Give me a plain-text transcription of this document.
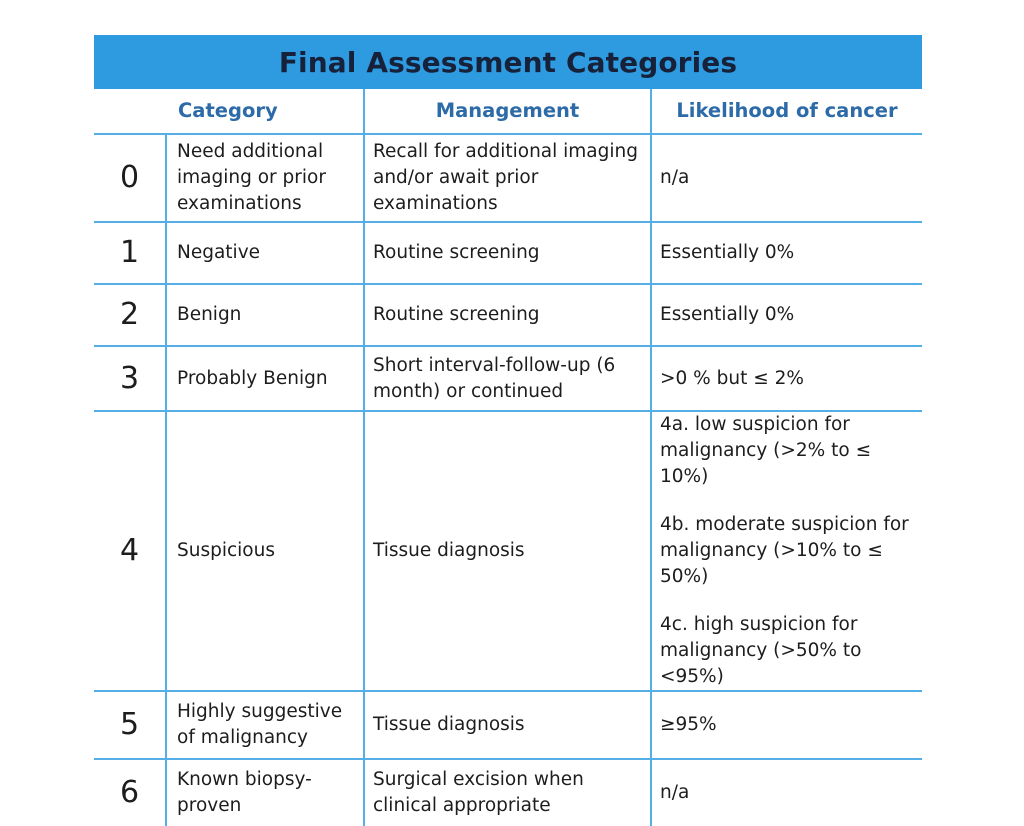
Final Assessment Categories
	Category	Management	Likelihood of cancer
0	Need additional imaging or prior examinations	Recall for additional imaging and/or await prior examinations	n/a
1	Negative	Routine screening	Essentially 0%
2	Benign	Routine screening	Essentially 0%
3	Probably Benign	Short interval-follow-up (6 month) or continued	>0 % but ≤ 2%
4	Suspicious	Tissue diagnosis	4a. low suspicion for malignancy (>2% to ≤ 10%)
4b. moderate suspicion for malignancy (>10% to ≤ 50%)
4c. high suspicion for malignancy (>50% to <95%)

5	Highly suggestive of malignancy	Tissue diagnosis	≥95%
6	Known biopsy-proven	Surgical excision when clinical appropriate	n/a
